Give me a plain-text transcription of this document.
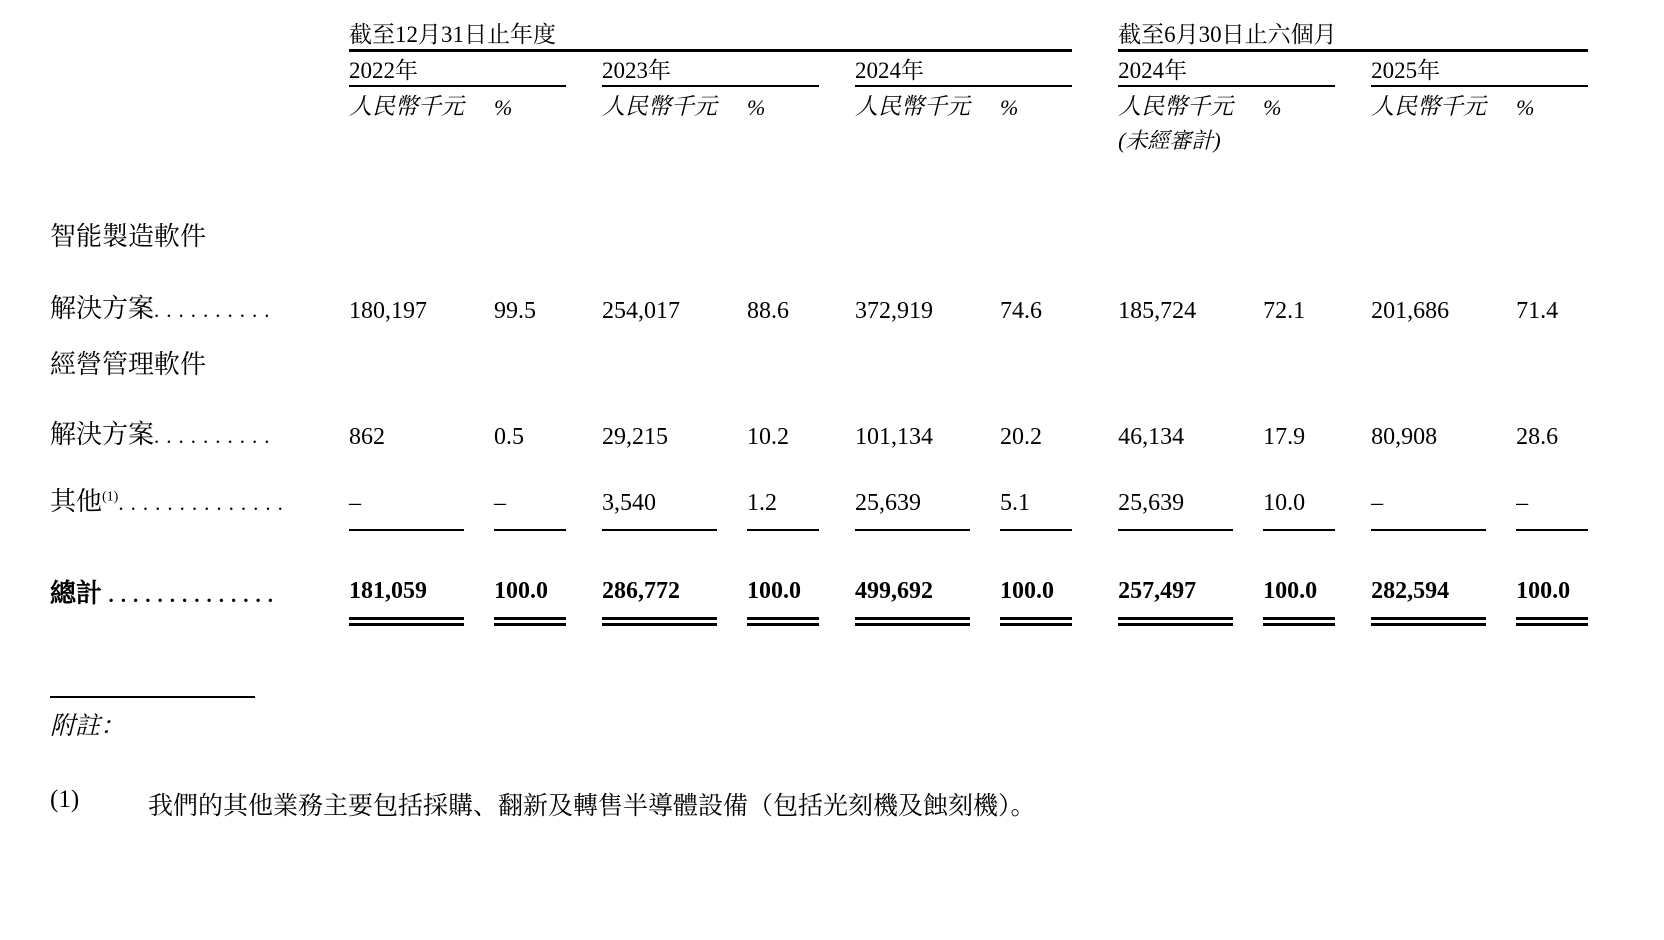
	截至12月31日止年度												截至6月30日止六個月						
	2022年				2023年				2024年				2024年				2025年		
	人民幣千元		%		人民幣千元		%		人民幣千元		%		人民幣千元		%		人民幣千元		%
													(未經審計)						

智能製造軟件																			
解決方案..........	180,197		99.5		254,017		88.6		372,919		74.6		185,724		72.1		201,686		71.4
經營管理軟件																			
解決方案..........	862		0.5		29,215		10.2		101,134		20.2		46,134		17.9		80,908		28.6
其他$^{(1)}$..............	–		–		3,540		1.2		25,639		5.1		25,639		10.0		–		–
總計 ..............	181,059		100.0		286,772		100.0		499,692		100.0		257,497		100.0		282,594		100.0
附註：
(1)	我們的其他業務主要包括採購、翻新及轉售半導體設備（包括光刻機及蝕刻機）。
